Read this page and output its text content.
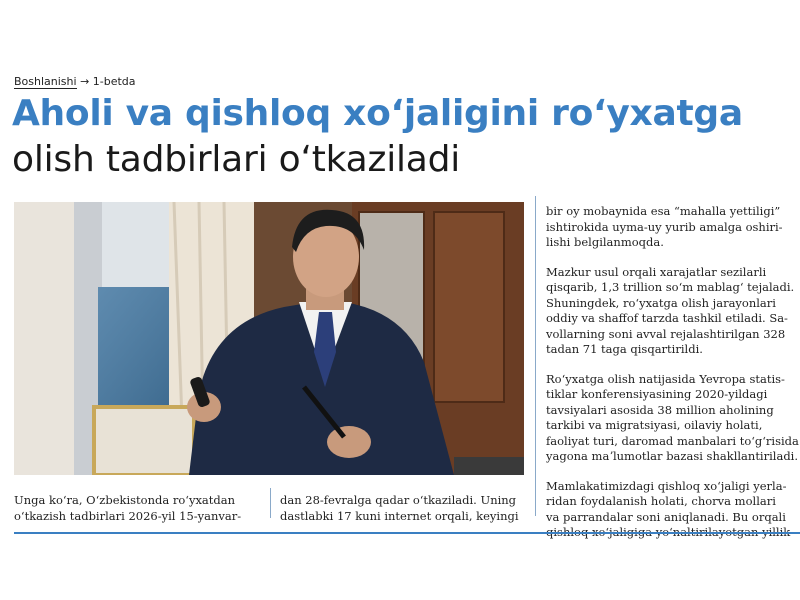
Boshlanishi → 1-betda
Aholi va qishloq xoʻjaligini roʻyxatga
olish tadbirlari oʻtkaziladi

bir oy mobaynida esa “mahalla yettiligi”
ishtirokida uyma-uy yurib amalga oshiri-
lishi belgilanmoqda.

Mazkur usul orqali xarajatlar sezilarli
qisqarib, 1,3 trillion soʻm mablagʻ tejaladi.
Shuningdek, roʻyxatga olish jarayonlari
oddiy va shaffof tarzda tashkil etiladi. Sa-
vollarning soni avval rejalashtirilgan 328
tadan 71 taga qisqartirildi.

Roʻyxatga olish natijasida Yevropa statis-
tiklar konferensiyasining 2020-yildagi
tavsiyalari asosida 38 million aholining
tarkibi va migratsiyasi, oilaviy holati,
faoliyat turi, daromad manbalari toʻgʻrisida
yagona maʼlumotlar bazasi shakllantiriladi.

Mamlakatimizdagi qishloq xoʻjaligi yerla-
ridan foydalanish holati, chorva mollari
va parrandalar soni aniqlanadi. Bu orqali

Unga koʻra, Oʻzbekistonda roʻyxatdan
oʻtkazish tadbirlari 2026-yil 15-yanvar-
dan 28-fevralga qadar oʻtkaziladi. Uning
dastlabki 17 kuni internet orqali, keyingi
